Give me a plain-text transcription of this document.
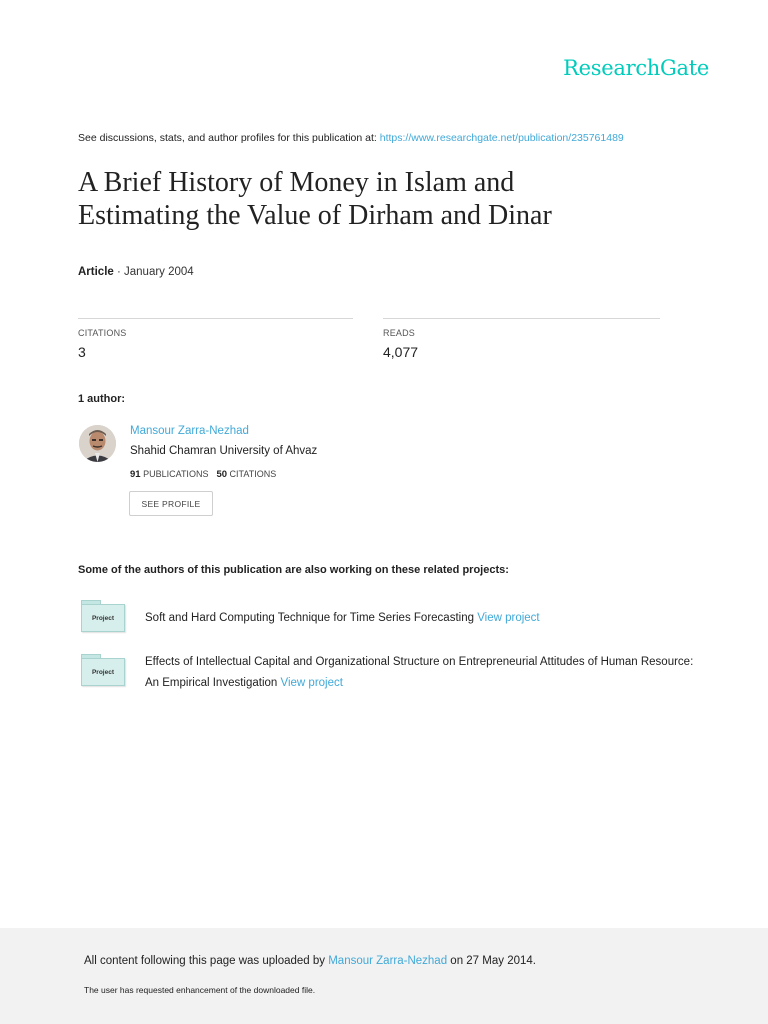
ResearchGate
See discussions, stats, and author profiles for this publication at: https://www.researchgate.net/publication/235761489
A Brief History of Money in Islam and
Estimating the Value of Dirham and Dinar
Article · January 2004
CITATIONS
3
READS
4,077
1 author:
Mansour Zarra-Nezhad
Shahid Chamran University of Ahvaz
91 PUBLICATIONS 50 CITATIONS
SEE PROFILE
Some of the authors of this publication are also working on these related projects:
Project	Soft and Hard Computing Technique for Time Series Forecasting View project
Project
Effects of Intellectual Capital and Organizational Structure on Entrepreneurial Attitudes of Human Resource: An Empirical Investigation View project
All content following this page was uploaded by Mansour Zarra-Nezhad on 27 May 2014.
The user has requested enhancement of the downloaded file.
